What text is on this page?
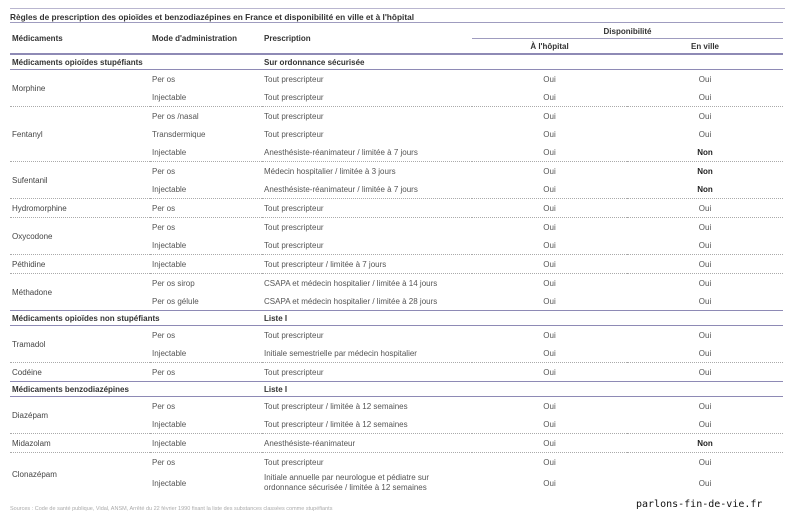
Règles de prescription des opioïdes et benzodiazépines en France et disponibilité en ville et à l'hôpital
Médicaments	Mode d'administration	Prescription	Disponibilité	
			À l'hôpital	En ville
Médicaments opioïdes stupéfiants		Sur ordonnance sécurisée		
Morphine	Per os	Tout prescripteur	Oui	Oui
	Injectable	Tout prescripteur	Oui	Oui
Fentanyl	Per os /nasal	Tout prescripteur	Oui	Oui
	Transdermique	Tout prescripteur	Oui	Oui
	Injectable	Anesthésiste-réanimateur / limitée à 7 jours	Oui	Non
Sufentanil	Per os	Médecin hospitalier / limitée à 3 jours	Oui	Non
	Injectable	Anesthésiste-réanimateur / limitée à 7 jours	Oui	Non
Hydromorphine	Per os	Tout prescripteur	Oui	Oui
Oxycodone	Per os	Tout prescripteur	Oui	Oui
	Injectable	Tout prescripteur	Oui	Oui
Péthidine	Injectable	Tout prescripteur / limitée à 7 jours	Oui	Oui
Méthadone	Per os sirop	CSAPA et médecin hospitalier / limitée à 14 jours	Oui	Oui
	Per os gélule	CSAPA et médecin hospitalier / limitée à 28 jours	Oui	Oui
Médicaments opioïdes non stupéfiants		Liste I		
Tramadol	Per os	Tout prescripteur	Oui	Oui
	Injectable	Initiale semestrielle par médecin hospitalier	Oui	Oui
Codéine	Per os	Tout prescripteur	Oui	Oui
Médicaments benzodiazépines		Liste I		
Diazépam	Per os	Tout prescripteur / limitée à 12 semaines	Oui	Oui
	Injectable	Tout prescripteur / limitée à 12 semaines	Oui	Oui
Midazolam	Injectable	Anesthésiste-réanimateur	Oui	Non
Clonazépam	Per os	Tout prescripteur	Oui	Oui
	Injectable	Initiale annuelle par neurologue et pédiatre sur ordonnance sécurisée / limitée à 12 semaines	Oui	Oui
Sources : Code de santé publique, Vidal, ANSM, Arrêté du 22 février 1990 fixant la liste des substances classées comme stupéfiants	parlons-fin-de-vie.fr
